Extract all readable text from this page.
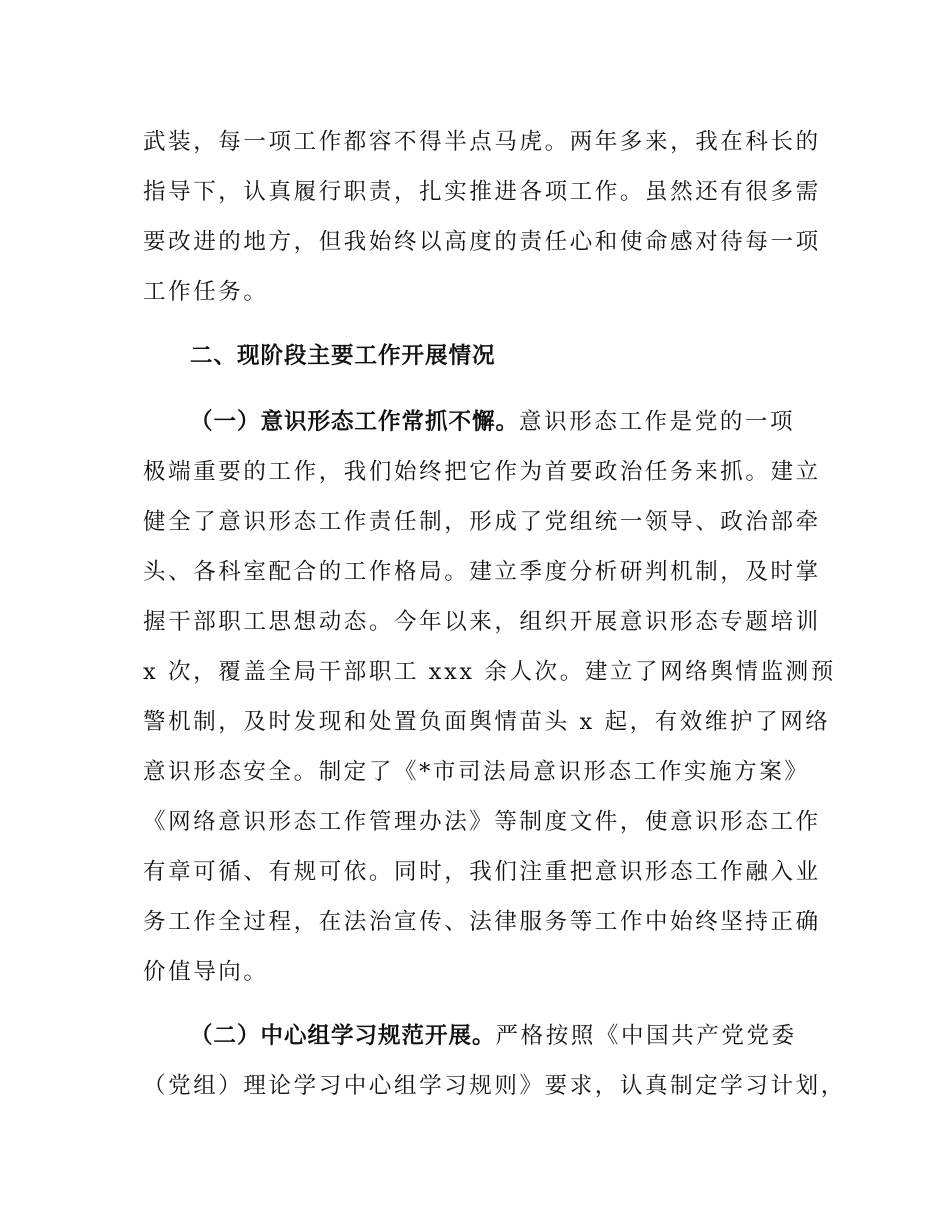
武装，每一项工作都容不得半点马虎。两年多来，我在科长的
指导下，认真履行职责，扎实推进各项工作。虽然还有很多需
要改进的地方，但我始终以高度的责任心和使命感对待每一项
工作任务。
二、现阶段主要工作开展情况
（一）意识形态工作常抓不懈。意识形态工作是党的一项
极端重要的工作，我们始终把它作为首要政治任务来抓。建立
健全了意识形态工作责任制，形成了党组统一领导、政治部牵
头、各科室配合的工作格局。建立季度分析研判机制，及时掌
握干部职工思想动态。今年以来，组织开展意识形态专题培训
x 次，覆盖全局干部职工 xxx 余人次。建立了网络舆情监测预
警机制，及时发现和处置负面舆情苗头 x 起，有效维护了网络
意识形态安全。制定了《*市司法局意识形态工作实施方案》
《网络意识形态工作管理办法》等制度文件，使意识形态工作
有章可循、有规可依。同时，我们注重把意识形态工作融入业
务工作全过程，在法治宣传、法律服务等工作中始终坚持正确
价值导向。
（二）中心组学习规范开展。严格按照《中国共产党党委
（党组）理论学习中心组学习规则》要求，认真制定学习计划，
